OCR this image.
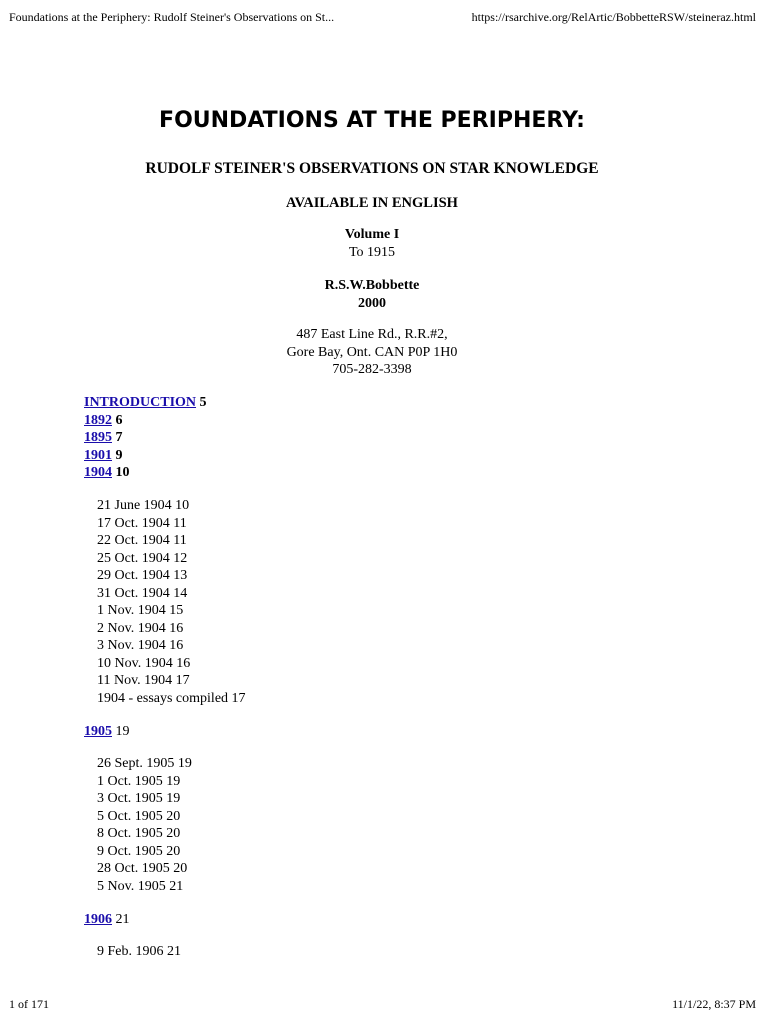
Foundations at the Periphery: Rudolf Steiner's Observations on St...	https://rsarchive.org/RelArtic/BobbetteRSW/steineraz.html
FOUNDATIONS AT THE PERIPHERY:
RUDOLF STEINER'S OBSERVATIONS ON STAR KNOWLEDGE
AVAILABLE IN ENGLISH
Volume I
To 1915
R.S.W.Bobbette
2000
487 East Line Rd., R.R.#2,
Gore Bay, Ont. CAN P0P 1H0
705-282-3398
INTRODUCTION 5
1892 6
1895 7
1901 9
1904 10
21 June 1904 10
17 Oct. 1904 11
22 Oct. 1904 11
25 Oct. 1904 12
29 Oct. 1904 13
31 Oct. 1904 14
1 Nov. 1904 15
2 Nov. 1904 16
3 Nov. 1904 16
10 Nov. 1904 16
11 Nov. 1904 17
1904 - essays compiled 17
1905 19
26 Sept. 1905 19
1 Oct. 1905 19
3 Oct. 1905 19
5 Oct. 1905 20
8 Oct. 1905 20
9 Oct. 1905 20
28 Oct. 1905 20
5 Nov. 1905 21
1906 21
9 Feb. 1906 21
1 of 171	11/1/22, 8:37 PM
